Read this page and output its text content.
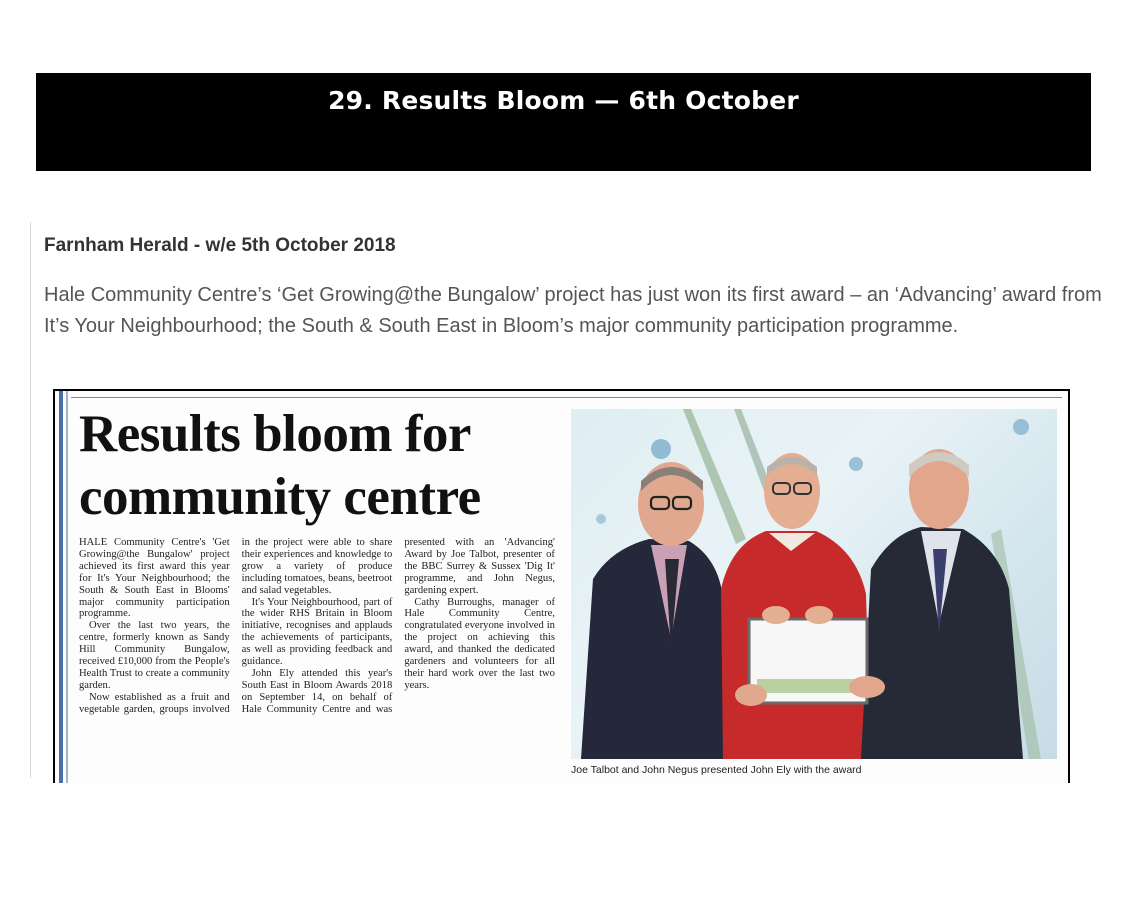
29. Results Bloom — 6th October
Farnham Herald - w/e 5th October 2018

Hale Community Centre’s ‘Get Growing@the Bungalow’ project has just won its first award – an ‘Advancing’ award from It’s Your Neighbourhood; the South & South East in Bloom’s major community participation programme.

Results bloom for
community centre

HALE Community Centre's 'Get Growing@the Bungalow' project achieved its first award this year for It's Your Neighbourhood; the South & South East in Blooms' major community participation programme.

Over the last two years, the centre, formerly known as Sandy Hill Community Bungalow, received £10,000 from the People's Health Trust to create a community garden.

Now established as a fruit and vegetable garden, groups involved in the project were able to share their experiences and knowledge to grow a variety of produce including tomatoes, beans, beetroot and salad vegetables.

It's Your Neighbourhood, part of the wider RHS Britain in Bloom initiative, recognises and applauds the achievements of participants, as well as providing feedback and guidance.

John Ely attended this year's South East in Bloom Awards 2018 on September 14, on behalf of Hale Community Centre and was presented with an 'Advancing' Award by Joe Talbot, presenter of the BBC Surrey & Sussex 'Dig It' programme, and John Negus, gardening expert.

Cathy Burroughs, manager of Hale Community Centre, congratulated everyone involved in the project on achieving this award, and thanked the dedicated gardeners and volunteers for all their hard work over the last two years.

Joe Talbot and John Negus presented John Ely with the award
